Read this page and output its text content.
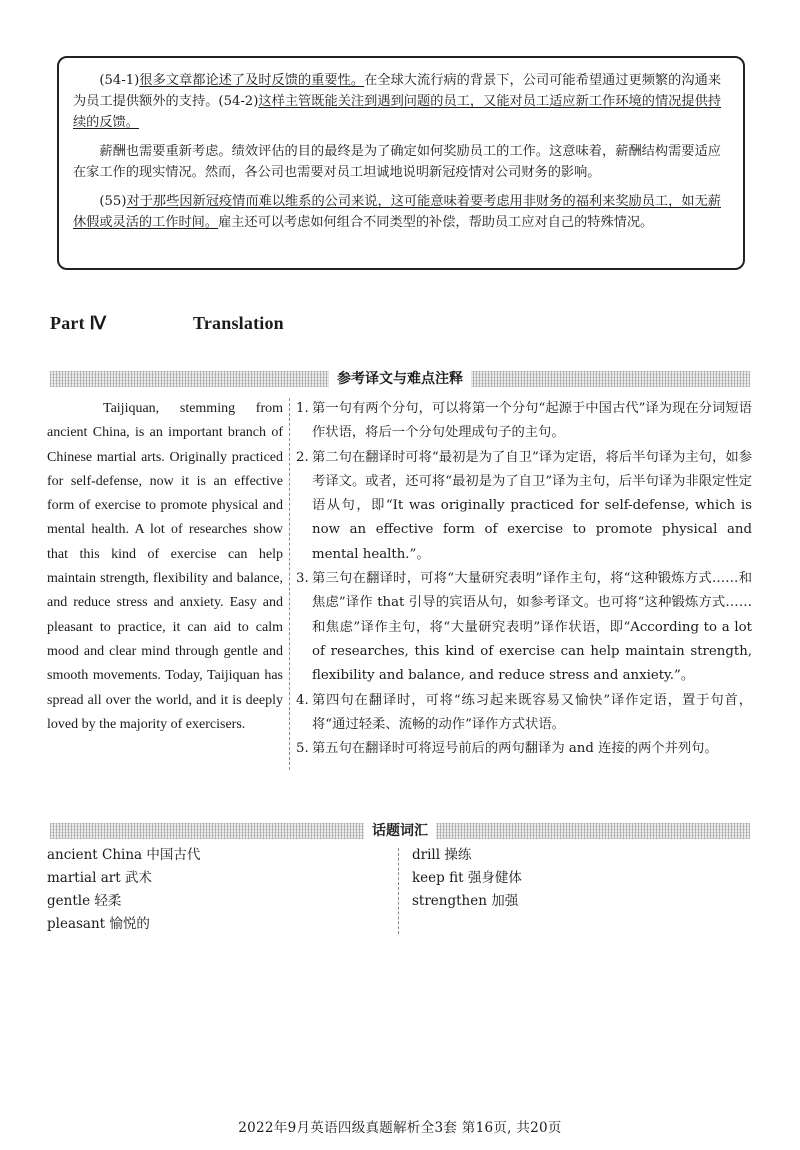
(54-1)很多文章都论述了及时反馈的重要性。在全球大流行病的背景下，公司可能希望通过更频繁的沟通来为员工提供额外的支持。(54-2)这样主管既能关注到遇到问题的员工，又能对员工适应新工作环境的情况提供持续的反馈。

薪酬也需要重新考虑。绩效评估的目的最终是为了确定如何奖励员工的工作。这意味着，薪酬结构需要适应在家工作的现实情况。然而，各公司也需要对员工坦诚地说明新冠疫情对公司财务的影响。

(55)对于那些因新冠疫情而难以维系的公司来说，这可能意味着要考虑用非财务的福利来奖励员工，如无薪休假或灵活的工作时间。雇主还可以考虑如何组合不同类型的补偿，帮助员工应对自己的特殊情况。

Part Ⅳ	Translation
参考译文与难点注释
Taijiquan, stemming from ancient China, is an important branch of Chinese martial arts. Originally practiced for self-defense, now it is an effective form of exercise to promote physical and mental health. A lot of researches show that this kind of exercise can help maintain strength, flexibility and balance, and reduce stress and anxiety. Easy and pleasant to practice, it can aid to calm mood and clear mind through gentle and smooth movements. Today, Taijiquan has spread all over the world, and it is deeply loved by the majority of exercisers.
1. 第一句有两个分句，可以将第一个分句“起源于中国古代”译为现在分词短语作状语，将后一个分句处理成句子的主句。
2. 第二句在翻译时可将“最初是为了自卫”译为定语，将后半句译为主句，如参考译文。或者，还可将“最初是为了自卫”译为主句，后半句译为非限定性定语从句，即“It was originally practiced for self-defense, which is now an effective form of exercise to promote physical and mental health.”。
3. 第三句在翻译时，可将“大量研究表明”译作主句，将“这种锻炼方式……和焦虑”译作 that 引导的宾语从句，如参考译文。也可将“这种锻炼方式……和焦虑”译作主句，将“大量研究表明”译作状语，即“According to a lot of researches, this kind of exercise can help maintain strength, flexibility and balance, and reduce stress and anxiety.”。
4. 第四句在翻译时，可将“练习起来既容易又愉快”译作定语，置于句首，将“通过轻柔、流畅的动作”译作方式状语。
5. 第五句在翻译时可将逗号前后的两句翻译为 and 连接的两个并列句。
话题词汇
ancient China 中国古代
martial art 武术
gentle 轻柔
pleasant 愉悦的
drill 操练
keep fit 强身健体
strengthen 加强
2022年9月英语四级真题解析全3套 第16页, 共20页
